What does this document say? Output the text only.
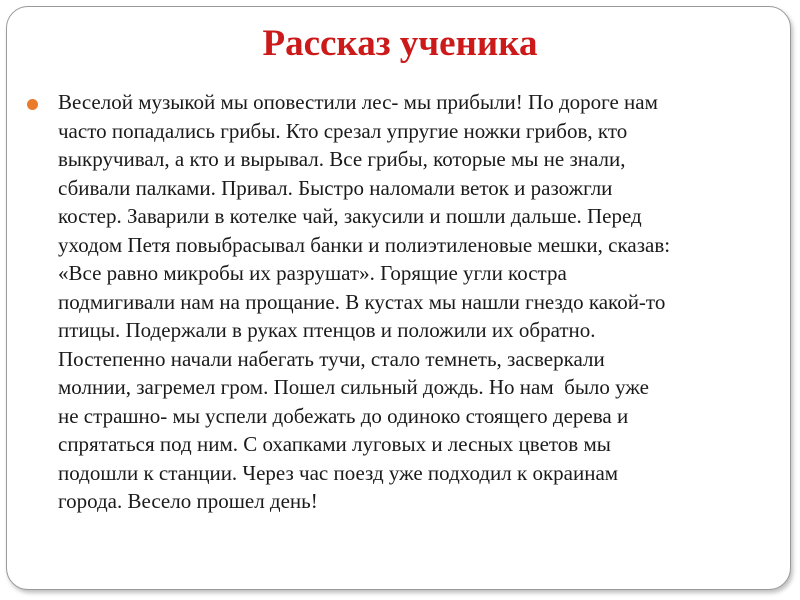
Рассказ ученика

Веселой музыкой мы оповестили лес- мы прибыли! По дороге нам
часто попадались грибы. Кто срезал упругие ножки грибов, кто
выкручивал, а кто и вырывал. Все грибы, которые мы не знали,
сбивали палками. Привал. Быстро наломали веток и разожгли
костер. Заварили в котелке чай, закусили и пошли дальше. Перед
уходом Петя повыбрасывал банки и полиэтиленовые мешки, сказав:
«Все равно микробы их разрушат». Горящие угли костра
подмигивали нам на прощание. В кустах мы нашли гнездо какой-то
птицы. Подержали в руках птенцов и положили их обратно.
Постепенно начали набегать тучи, стало темнеть, засверкали
молнии, загремел гром. Пошел сильный дождь. Но нам  было уже
не страшно- мы успели добежать до одиноко стоящего дерева и
спрятаться под ним. С охапками луговых и лесных цветов мы
подошли к станции. Через час поезд уже подходил к окраинам
города. Весело прошел день!
